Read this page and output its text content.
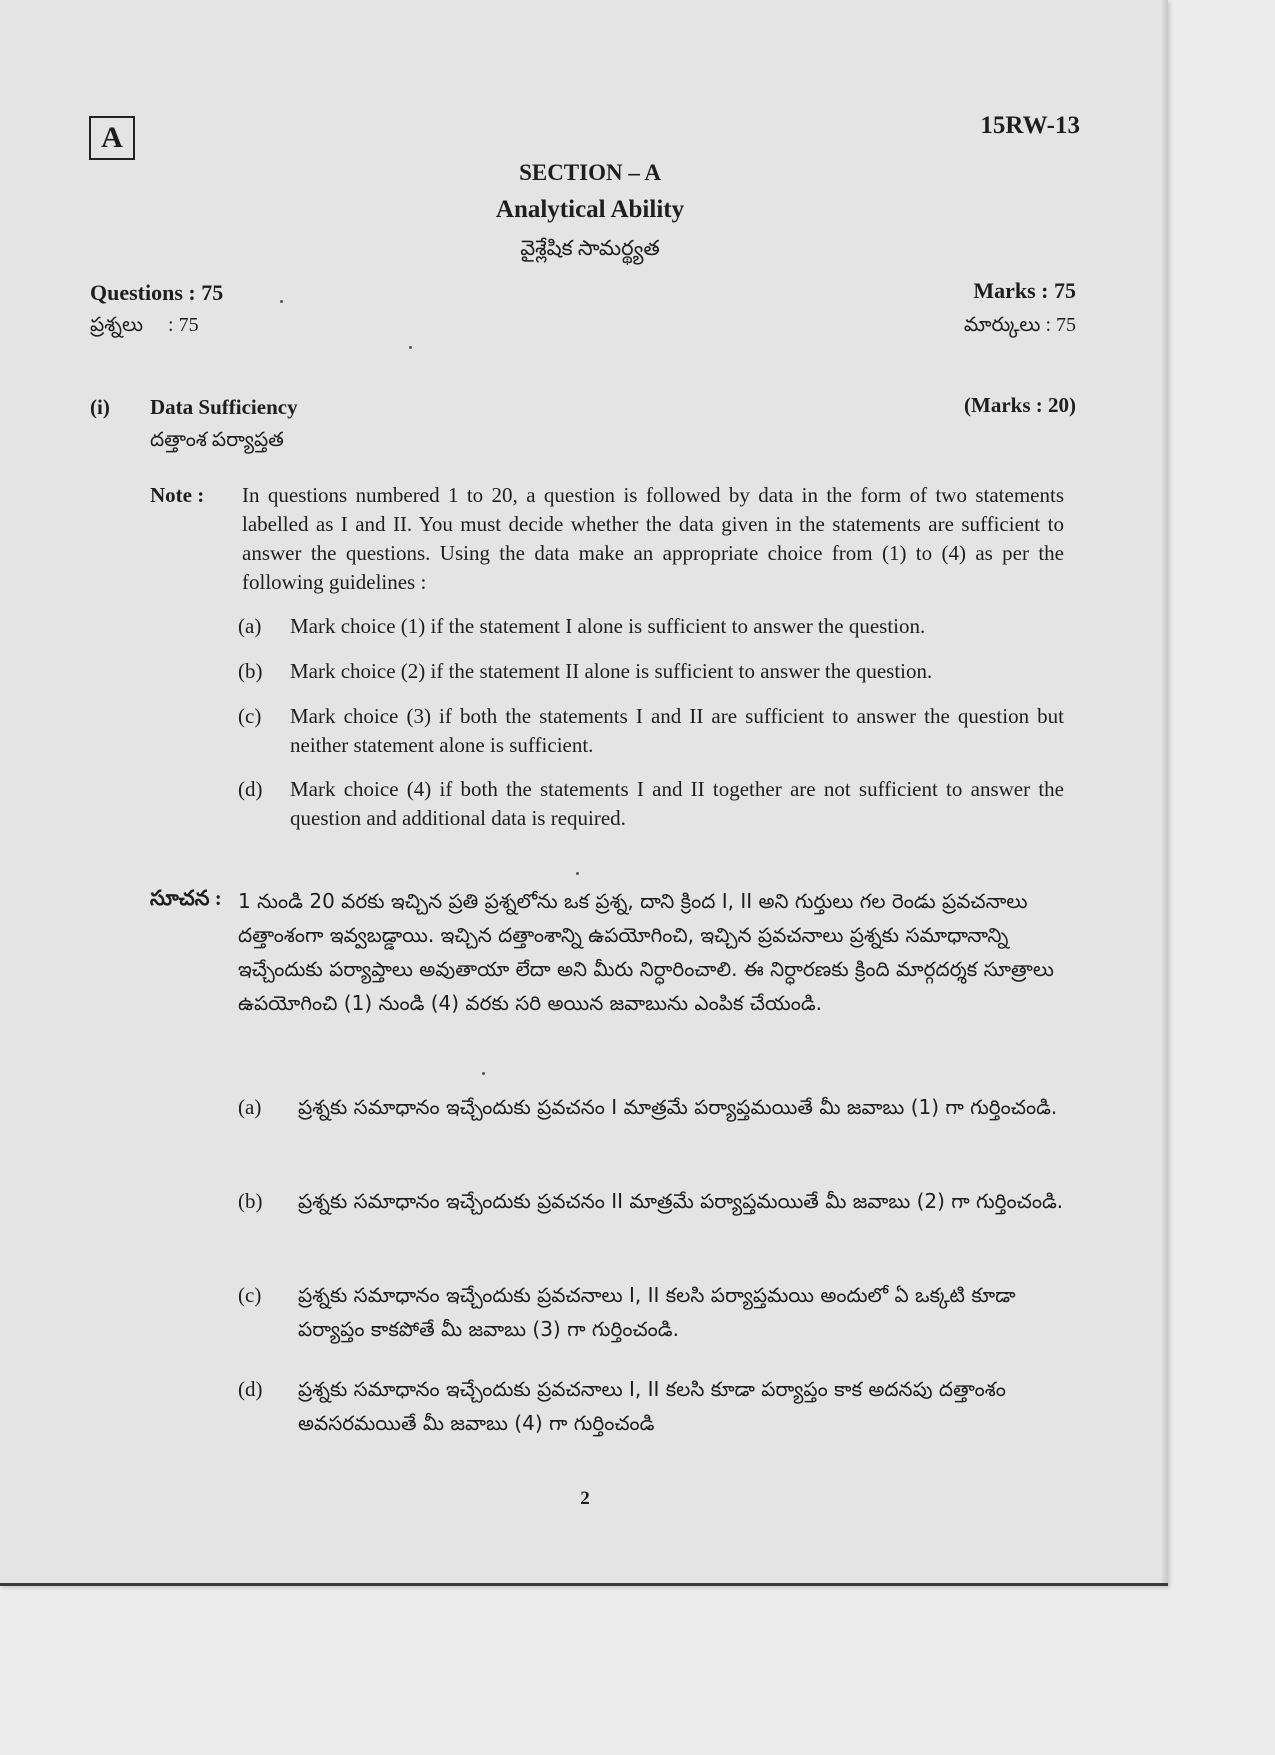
A	15RW-13
SECTION – A
Analytical Ability
వైశ్లేషిక సామర్థ్యత
Questions : 75
ప్రశ్నలు     : 75
Marks : 75
మార్కులు : 75
(i) Data Sufficiency
దత్తాంశ పర్యాప్తత
(Marks : 20)
Note : In questions numbered 1 to 20, a question is followed by data in the form of two statements labelled as I and II. You must decide whether the data given in the statements are sufficient to answer the questions. Using the data make an appropriate choice from (1) to (4) as per the following guidelines :
(a)	Mark choice (1) if the statement I alone is sufficient to answer the question.
(b)	Mark choice (2) if the statement II alone is sufficient to answer the question.
(c)	Mark choice (3) if both the statements I and II are sufficient to answer the question but neither statement alone is sufficient.
(d)	Mark choice (4) if both the statements I and II together are not sufficient to answer the question and additional data is required.
సూచన : 1 నుండి 20 వరకు ఇచ్చిన ప్రతి ప్రశ్నలోను ఒక ప్రశ్న, దాని క్రింద I, II అని గుర్తులు గల రెండు ప్రవచనాలు దత్తాంశంగా ఇవ్వబడ్డాయి. ఇచ్చిన దత్తాంశాన్ని ఉపయోగించి, ఇచ్చిన ప్రవచనాలు ప్రశ్నకు సమాధానాన్ని ఇచ్చేందుకు పర్యాప్తాలు అవుతాయా లేదా అని మీరు నిర్ధారించాలి. ఈ నిర్ధారణకు క్రింది మార్గదర్శక సూత్రాలు ఉపయోగించి (1) నుండి (4) వరకు సరి అయిన జవాబును ఎంపిక చేయండి.
(a)	ప్రశ్నకు సమాధానం ఇచ్చేందుకు ప్రవచనం I మాత్రమే పర్యాప్తమయితే మీ జవాబు (1) గా గుర్తించండి.
(b)	ప్రశ్నకు సమాధానం ఇచ్చేందుకు ప్రవచనం II మాత్రమే పర్యాప్తమయితే మీ జవాబు (2) గా గుర్తించండి.
(c)	ప్రశ్నకు సమాధానం ఇచ్చేందుకు ప్రవచనాలు I, II కలసి పర్యాప్తమయి అందులో ఏ ఒక్కటి కూడా పర్యాప్తం కాకపోతే మీ జవాబు (3) గా గుర్తించండి.
(d)	ప్రశ్నకు సమాధానం ఇచ్చేందుకు ప్రవచనాలు I, II కలసి కూడా పర్యాప్తం కాక అదనపు దత్తాంశం అవసరమయితే మీ జవాబు (4) గా గుర్తించండి
2
